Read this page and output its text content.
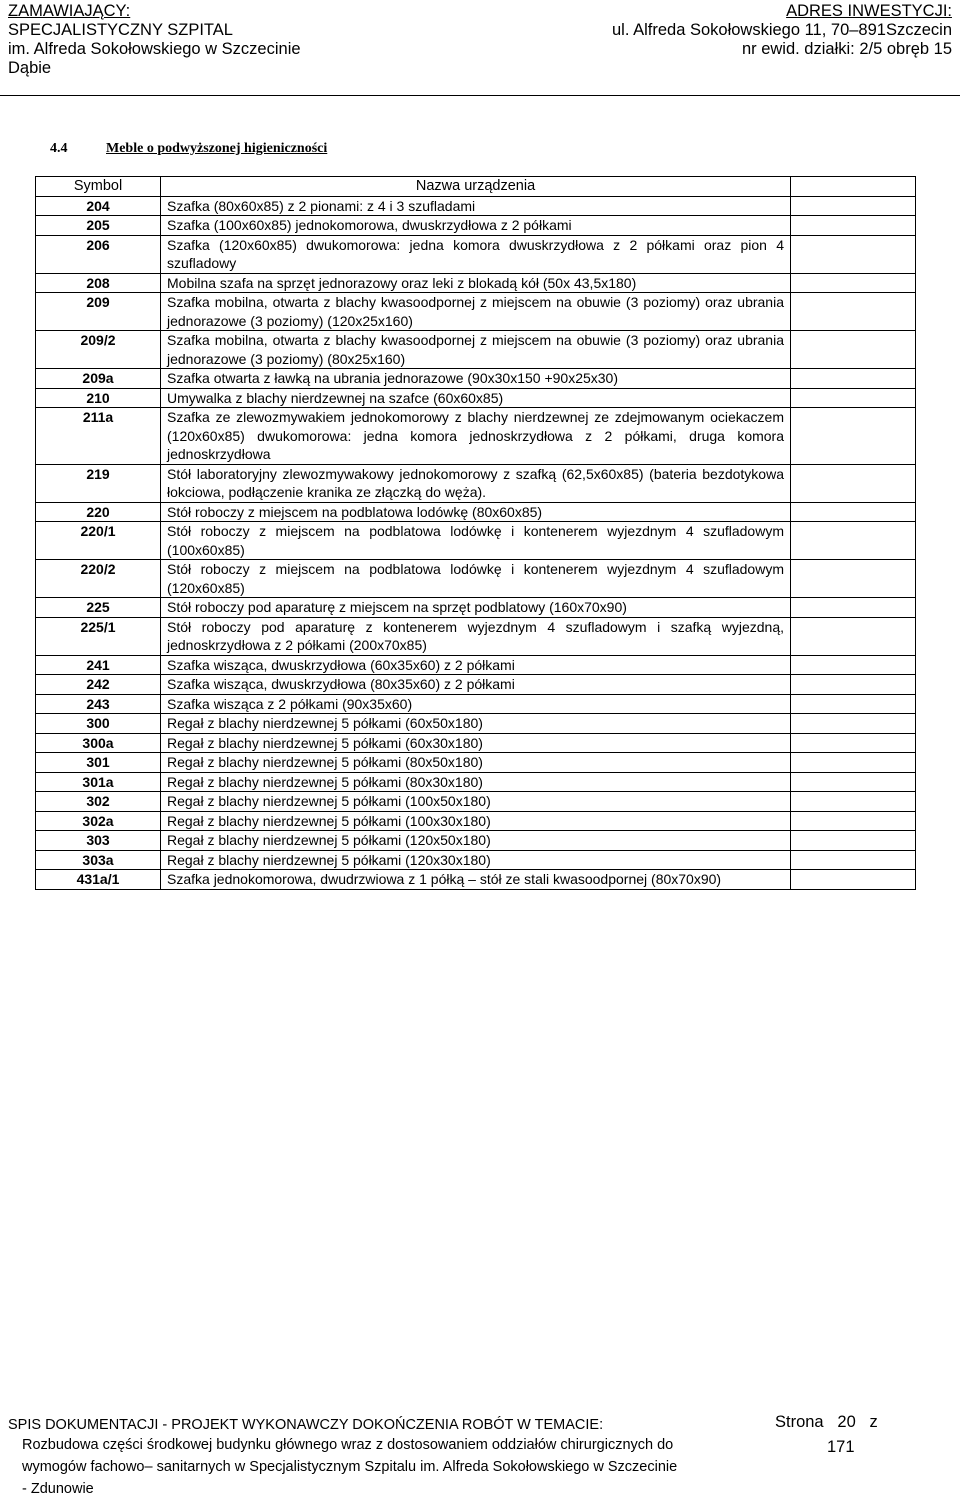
ZAMAWIAJĄCY:
SPECJALISTYCZNY SZPITAL
im. Alfreda Sokołowskiego w Szczecinie
Dąbie
ADRES INWESTYCJI:
ul. Alfreda Sokołowskiego 11, 70–891Szczecin
nr ewid. działki: 2/5 obręb 15
4.4	Meble o podwyższonej higieniczności
Symbol	Nazwa urządzenia	
204	Szafka (80x60x85) z 2 pionami: z 4 i 3 szufladami	
205	Szafka (100x60x85) jednokomorowa, dwuskrzydłowa z 2 półkami	
206	Szafka (120x60x85) dwukomorowa: jedna komora dwuskrzydłowa z 2 półkami oraz pion 4 szufladowy	
208	Mobilna szafa na sprzęt jednorazowy oraz leki z blokadą kół (50x 43,5x180)	
209	Szafka mobilna, otwarta z blachy kwasoodpornej z miejscem na obuwie (3 poziomy) oraz ubrania jednorazowe (3 poziomy) (120x25x160)	
209/2	Szafka mobilna, otwarta z blachy kwasoodpornej z miejscem na obuwie (3 poziomy) oraz ubrania jednorazowe (3 poziomy) (80x25x160)	
209a	Szafka otwarta z ławką na ubrania jednorazowe (90x30x150 +90x25x30)	
210	Umywalka z blachy nierdzewnej na szafce (60x60x85)	
211a	Szafka ze zlewozmywakiem jednokomorowy z blachy nierdzewnej ze zdejmowanym ociekaczem (120x60x85) dwukomorowa: jedna komora jednoskrzydłowa z 2 półkami, druga komora jednoskrzydłowa	
219	Stół laboratoryjny zlewozmywakowy jednokomorowy z szafką (62,5x60x85) (bateria bezdotykowa łokciowa, podłączenie kranika ze złączką do węża).	
220	Stół roboczy z miejscem na podblatowa lodówkę (80x60x85)	
220/1	Stół roboczy z miejscem na podblatowa lodówkę i kontenerem wyjezdnym 4 szufladowym (100x60x85)	
220/2	Stół roboczy z miejscem na podblatowa lodówkę i kontenerem wyjezdnym 4 szufladowym (120x60x85)	
225	Stół roboczy pod aparaturę z miejscem na sprzęt podblatowy (160x70x90)	
225/1	Stół roboczy pod aparaturę z kontenerem wyjezdnym 4 szufladowym i szafką wyjezdną, jednoskrzydłowa z 2 półkami (200x70x85)	
241	Szafka wisząca, dwuskrzydłowa (60x35x60) z 2 półkami	
242	Szafka wisząca, dwuskrzydłowa (80x35x60) z 2 półkami	
243	Szafka wisząca z 2 półkami (90x35x60)	
300	Regał z blachy nierdzewnej 5 półkami (60x50x180)	
300a	Regał z blachy nierdzewnej 5 półkami (60x30x180)	
301	Regał z blachy nierdzewnej 5 półkami (80x50x180)	
301a	Regał z blachy nierdzewnej 5 półkami (80x30x180)	
302	Regał z blachy nierdzewnej 5 półkami (100x50x180)	
302a	Regał z blachy nierdzewnej 5 półkami (100x30x180)	
303	Regał z blachy nierdzewnej 5 półkami (120x50x180)	
303a	Regał z blachy nierdzewnej 5 półkami (120x30x180)	
431a/1	Szafka jednokomorowa, dwudrzwiowa z 1 półką – stół ze stali kwasoodpornej (80x70x90)	
SPIS DOKUMENTACJI - PROJEKT WYKONAWCZY DOKOŃCZENIA ROBÓT W TEMACIE:
Rozbudowa części środkowej budynku głównego wraz z dostosowaniem oddziałów chirurgicznych do
wymogów fachowo– sanitarnych w Specjalistycznym Szpitalu im. Alfreda Sokołowskiego w Szczecinie
- Zdunowie
Strona 20 z
171
